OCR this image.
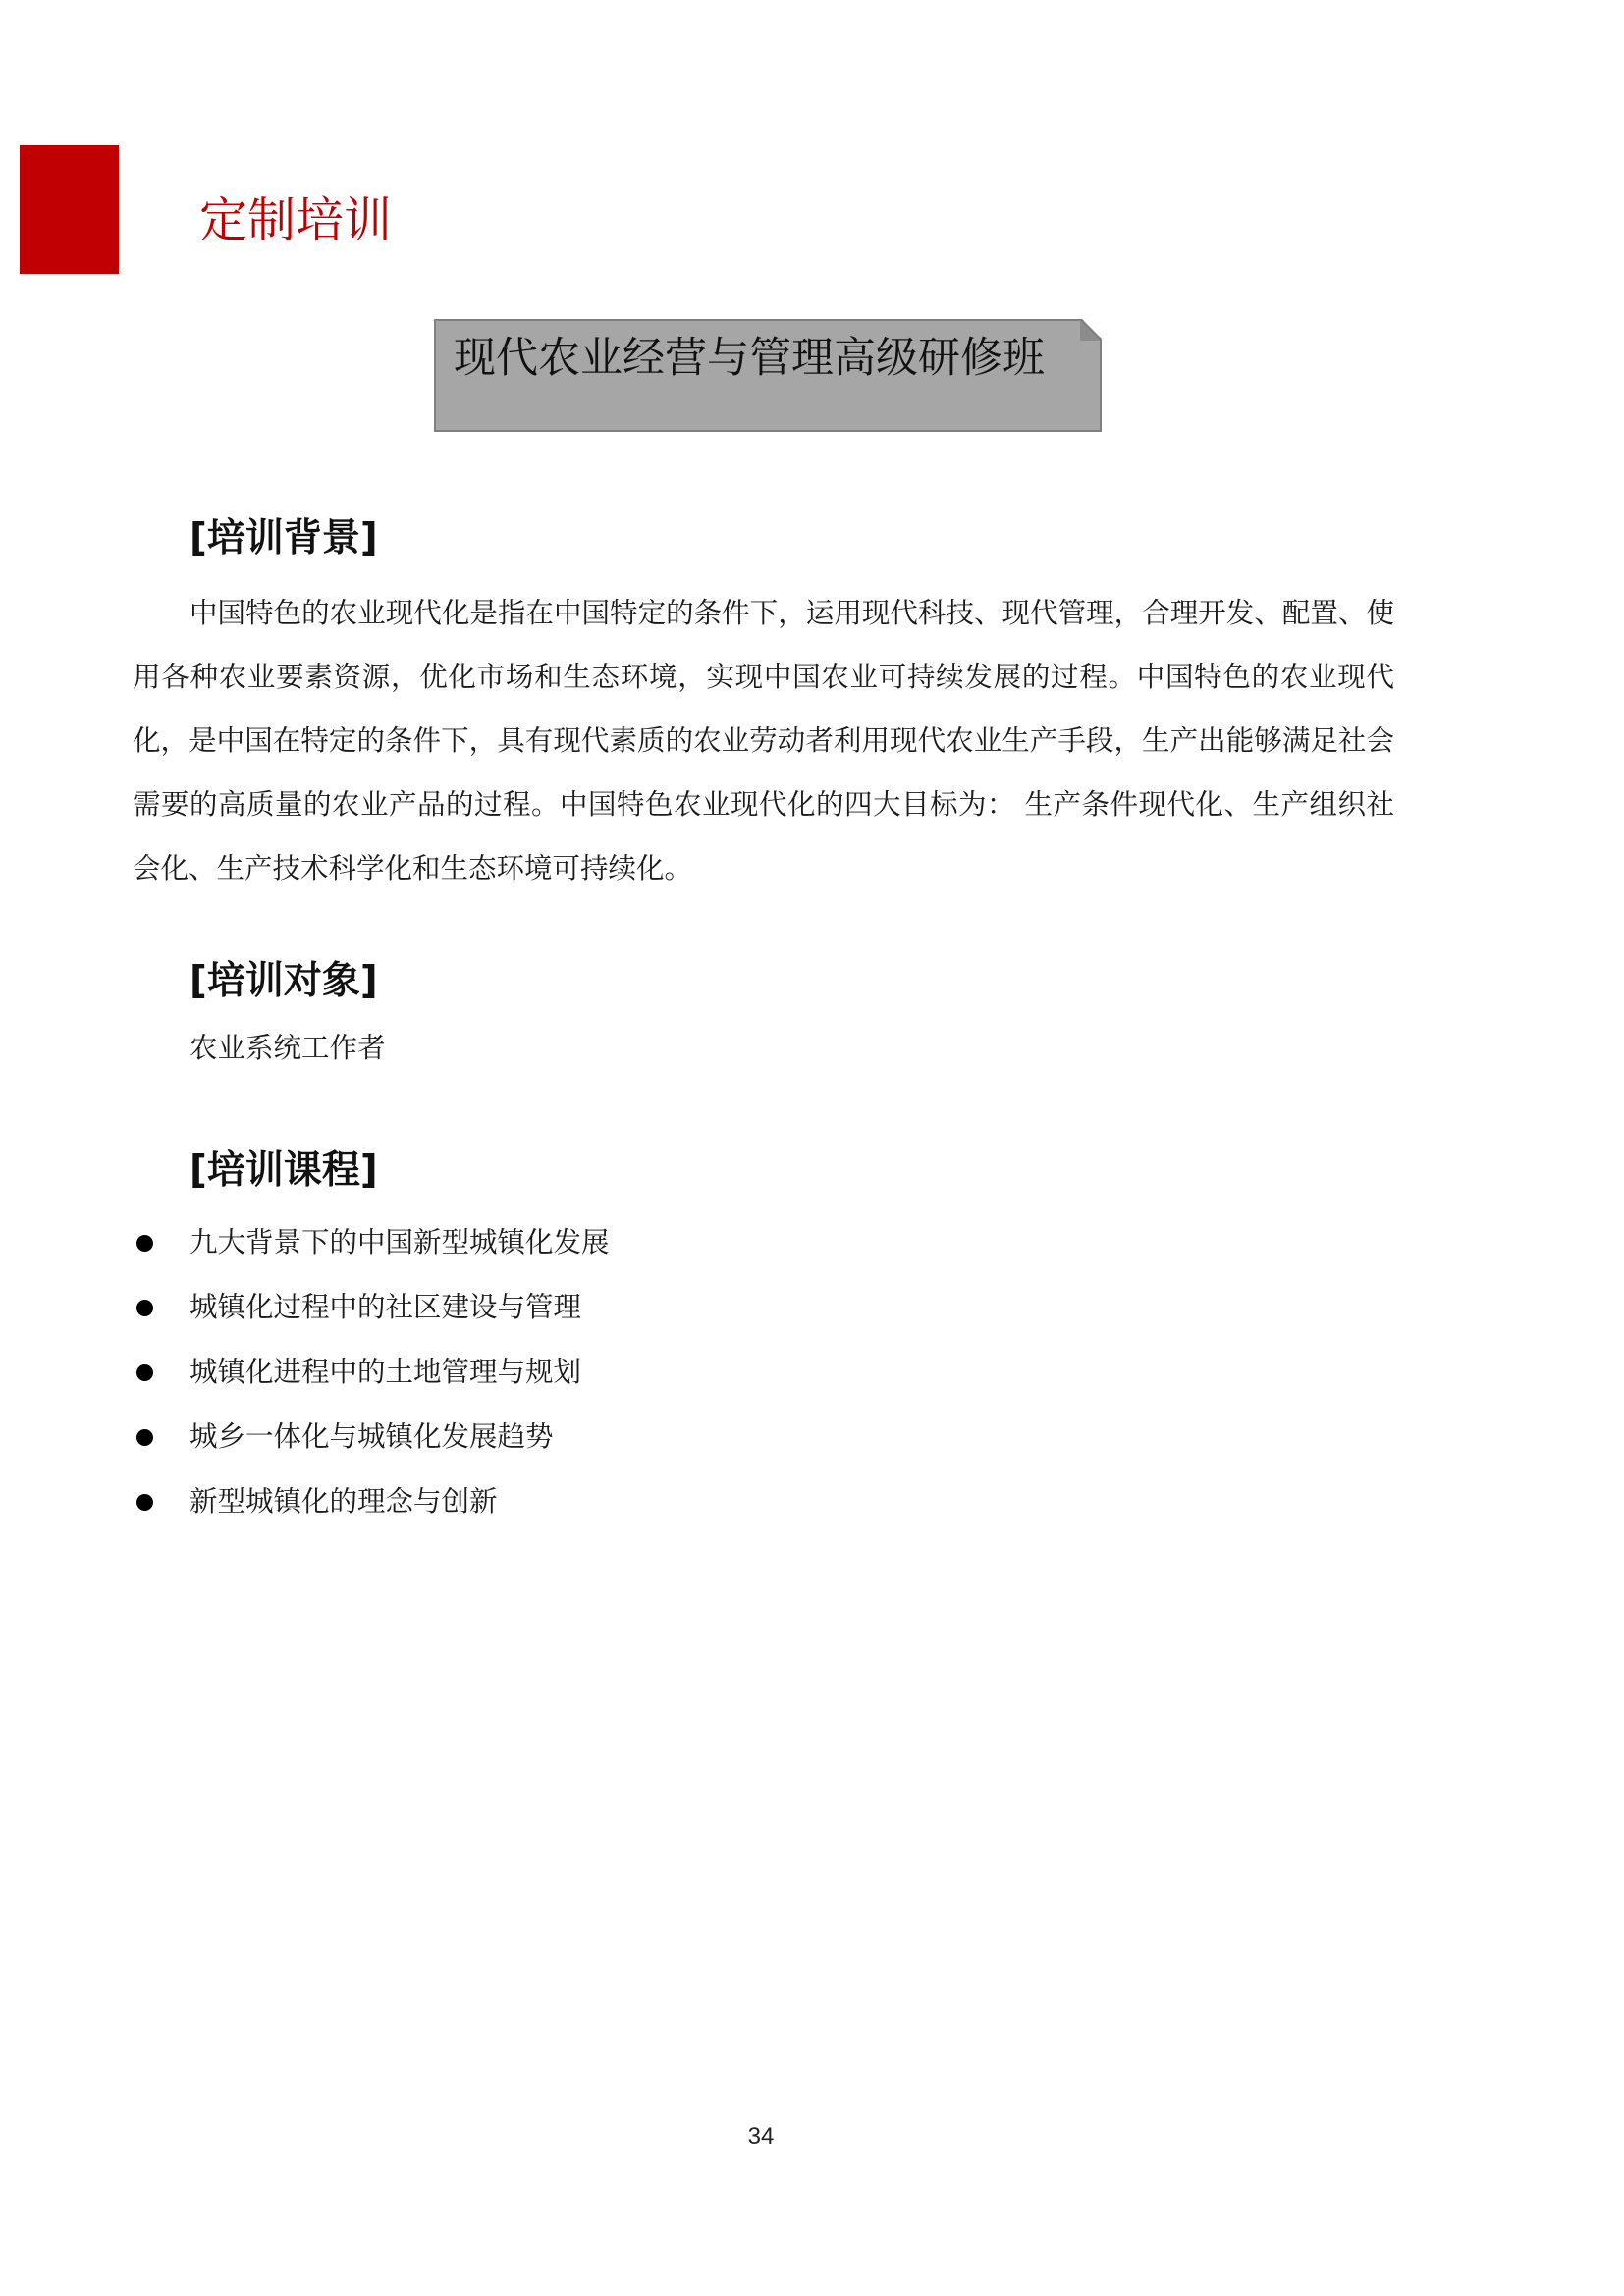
定制培训
现代农业经营与管理高级研修班
[培训背景]

中国特色的农业现代化是指在中国特定的条件下，运用现代科技、现代管理，合理开发、配置、使用各种农业要素资源，优化市场和生态环境，实现中国农业可持续发展的过程。中国特色的农业现代化，是中国在特定的条件下，具有现代素质的农业劳动者利用现代农业生产手段，生产出能够满足社会需要的高质量的农业产品的过程。中国特色农业现代化的四大目标为： 生产条件现代化、生产组织社会化、生产技术科学化和生态环境可持续化。

[培训对象]
农业系统工作者
[培训课程]
九大背景下的中国新型城镇化发展
城镇化过程中的社区建设与管理
城镇化进程中的土地管理与规划
城乡一体化与城镇化发展趋势
新型城镇化的理念与创新
34
